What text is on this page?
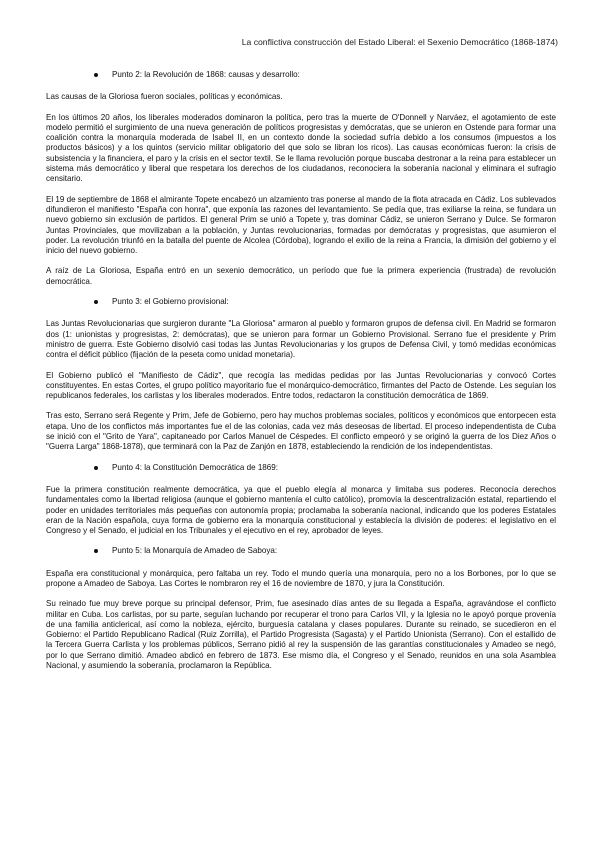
La conflictiva construcción del Estado Liberal: el Sexenio Democrático (1868-1874)
Punto 2: la Revolución de 1868: causas y desarrollo:

Las causas de la Gloriosa fueron sociales, políticas y económicas.

En los últimos 20 años, los liberales moderados dominaron la política, pero tras la muerte de O'Donnell y Narváez, el agotamiento de este modelo permitió el surgimiento de una nueva generación de políticos progresistas y demócratas, que se unieron en Ostende para formar una coalición contra la monarquía moderada de Isabel II, en un contexto donde la sociedad sufría debido a los consumos (impuestos a los productos básicos) y a los quintos (servicio militar obligatorio del que solo se libran los ricos). Las causas económicas fueron: la crisis de subsistencia y la financiera, el paro y la crisis en el sector textil. Se le llama revolución porque buscaba destronar a la reina para establecer un sistema más democrático y liberal que respetara los derechos de los ciudadanos, reconociera la soberanía nacional y eliminara el sufragio censitario.

El 19 de septiembre de 1868 el almirante Topete encabezó un alzamiento tras ponerse al mando de la flota atracada en Cádiz. Los sublevados difundieron el manifiesto "España con honra", que exponía las razones del levantamiento. Se pedía que, tras exiliarse la reina, se fundara un nuevo gobierno sin exclusión de partidos. El general Prim se unió a Topete y, tras dominar Cádiz, se unieron Serrano y Dulce. Se formaron Juntas Provinciales, que movilizaban a la población, y Juntas revolucionarias, formadas por demócratas y progresistas, que asumieron el poder. La revolución triunfó en la batalla del puente de Alcolea (Córdoba), logrando el exilio de la reina a Francia, la dimisión del gobierno y el inicio del nuevo gobierno.

A raíz de La Gloriosa, España entró en un sexenio democrático, un período que fue la primera experiencia (frustrada) de revolución democrática.

Punto 3: el Gobierno provisional:

Las Juntas Revolucionarias que surgieron durante "La Gloriosa" armaron al pueblo y formaron grupos de defensa civil. En Madrid se formaron dos (1: unionistas y progresistas, 2: demócratas), que se unieron para formar un Gobierno Provisional. Serrano fue el presidente y Prim ministro de guerra. Este Gobierno disolvió casi todas las Juntas Revolucionarias y los grupos de Defensa Civil, y tomó medidas económicas contra el déficit público (fijación de la peseta como unidad monetaria).

El Gobierno publicó el "Manifiesto de Cádiz", que recogía las medidas pedidas por las Juntas Revolucionarias y convocó Cortes constituyentes. En estas Cortes, el grupo político mayoritario fue el monárquico-democrático, firmantes del Pacto de Ostende. Les seguían los republicanos federales, los carlistas y los liberales moderados. Entre todos, redactaron la constitución democrática de 1869.

Tras esto, Serrano será Regente y Prim, Jefe de Gobierno, pero hay muchos problemas sociales, políticos y económicos que entorpecen esta etapa. Uno de los conflictos más importantes fue el de las colonias, cada vez más deseosas de libertad. El proceso independentista de Cuba se inició con el "Grito de Yara", capitaneado por Carlos Manuel de Céspedes. El conflicto empeoró y se originó la guerra de los Diez Años o "Guerra Larga" 1868-1878), que terminará con la Paz de Zanjón en 1878, estableciendo la rendición de los independentistas.

Punto 4: la Constitución Democrática de 1869:

Fue la primera constitución realmente democrática, ya que el pueblo elegía al monarca y limitaba sus poderes. Reconocía derechos fundamentales como la libertad religiosa (aunque el gobierno mantenía el culto católico), promovía la descentralización estatal, repartiendo el poder en unidades territoriales más pequeñas con autonomía propia; proclamaba la soberanía nacional, indicando que los poderes Estatales eran de la Nación española, cuya forma de gobierno era la monarquía constitucional y establecía la división de poderes: el legislativo en el Congreso y el Senado, el judicial en los Tribunales y el ejecutivo en el rey, aprobador de leyes.

Punto 5: la Monarquía de Amadeo de Saboya:

España era constitucional y monárquica, pero faltaba un rey. Todo el mundo quería una monarquía, pero no a los Borbones, por lo que se propone a Amadeo de Saboya. Las Cortes le nombraron rey el 16 de noviembre de 1870, y jura la Constitución.

Su reinado fue muy breve porque su principal defensor, Prim, fue asesinado días antes de su llegada a España, agravándose el conflicto militar en Cuba. Los carlistas, por su parte, seguían luchando por recuperar el trono para Carlos VII, y la Iglesia no le apoyó porque provenía de una familia anticlerical, así como la nobleza, ejército, burguesía catalana y clases populares. Durante su reinado, se sucedieron en el Gobierno: el Partido Republicano Radical (Ruiz Zorrilla), el Partido Progresista (Sagasta) y el Partido Unionista (Serrano). Con el estallido de la Tercera Guerra Carlista y los problemas públicos, Serrano pidió al rey la suspensión de las garantías constitucionales y Amadeo se negó, por lo que Serrano dimitió. Amadeo abdicó en febrero de 1873. Ese mismo día, el Congreso y el Senado, reunidos en una sola Asamblea Nacional, y asumiendo la soberanía, proclamaron la República.
